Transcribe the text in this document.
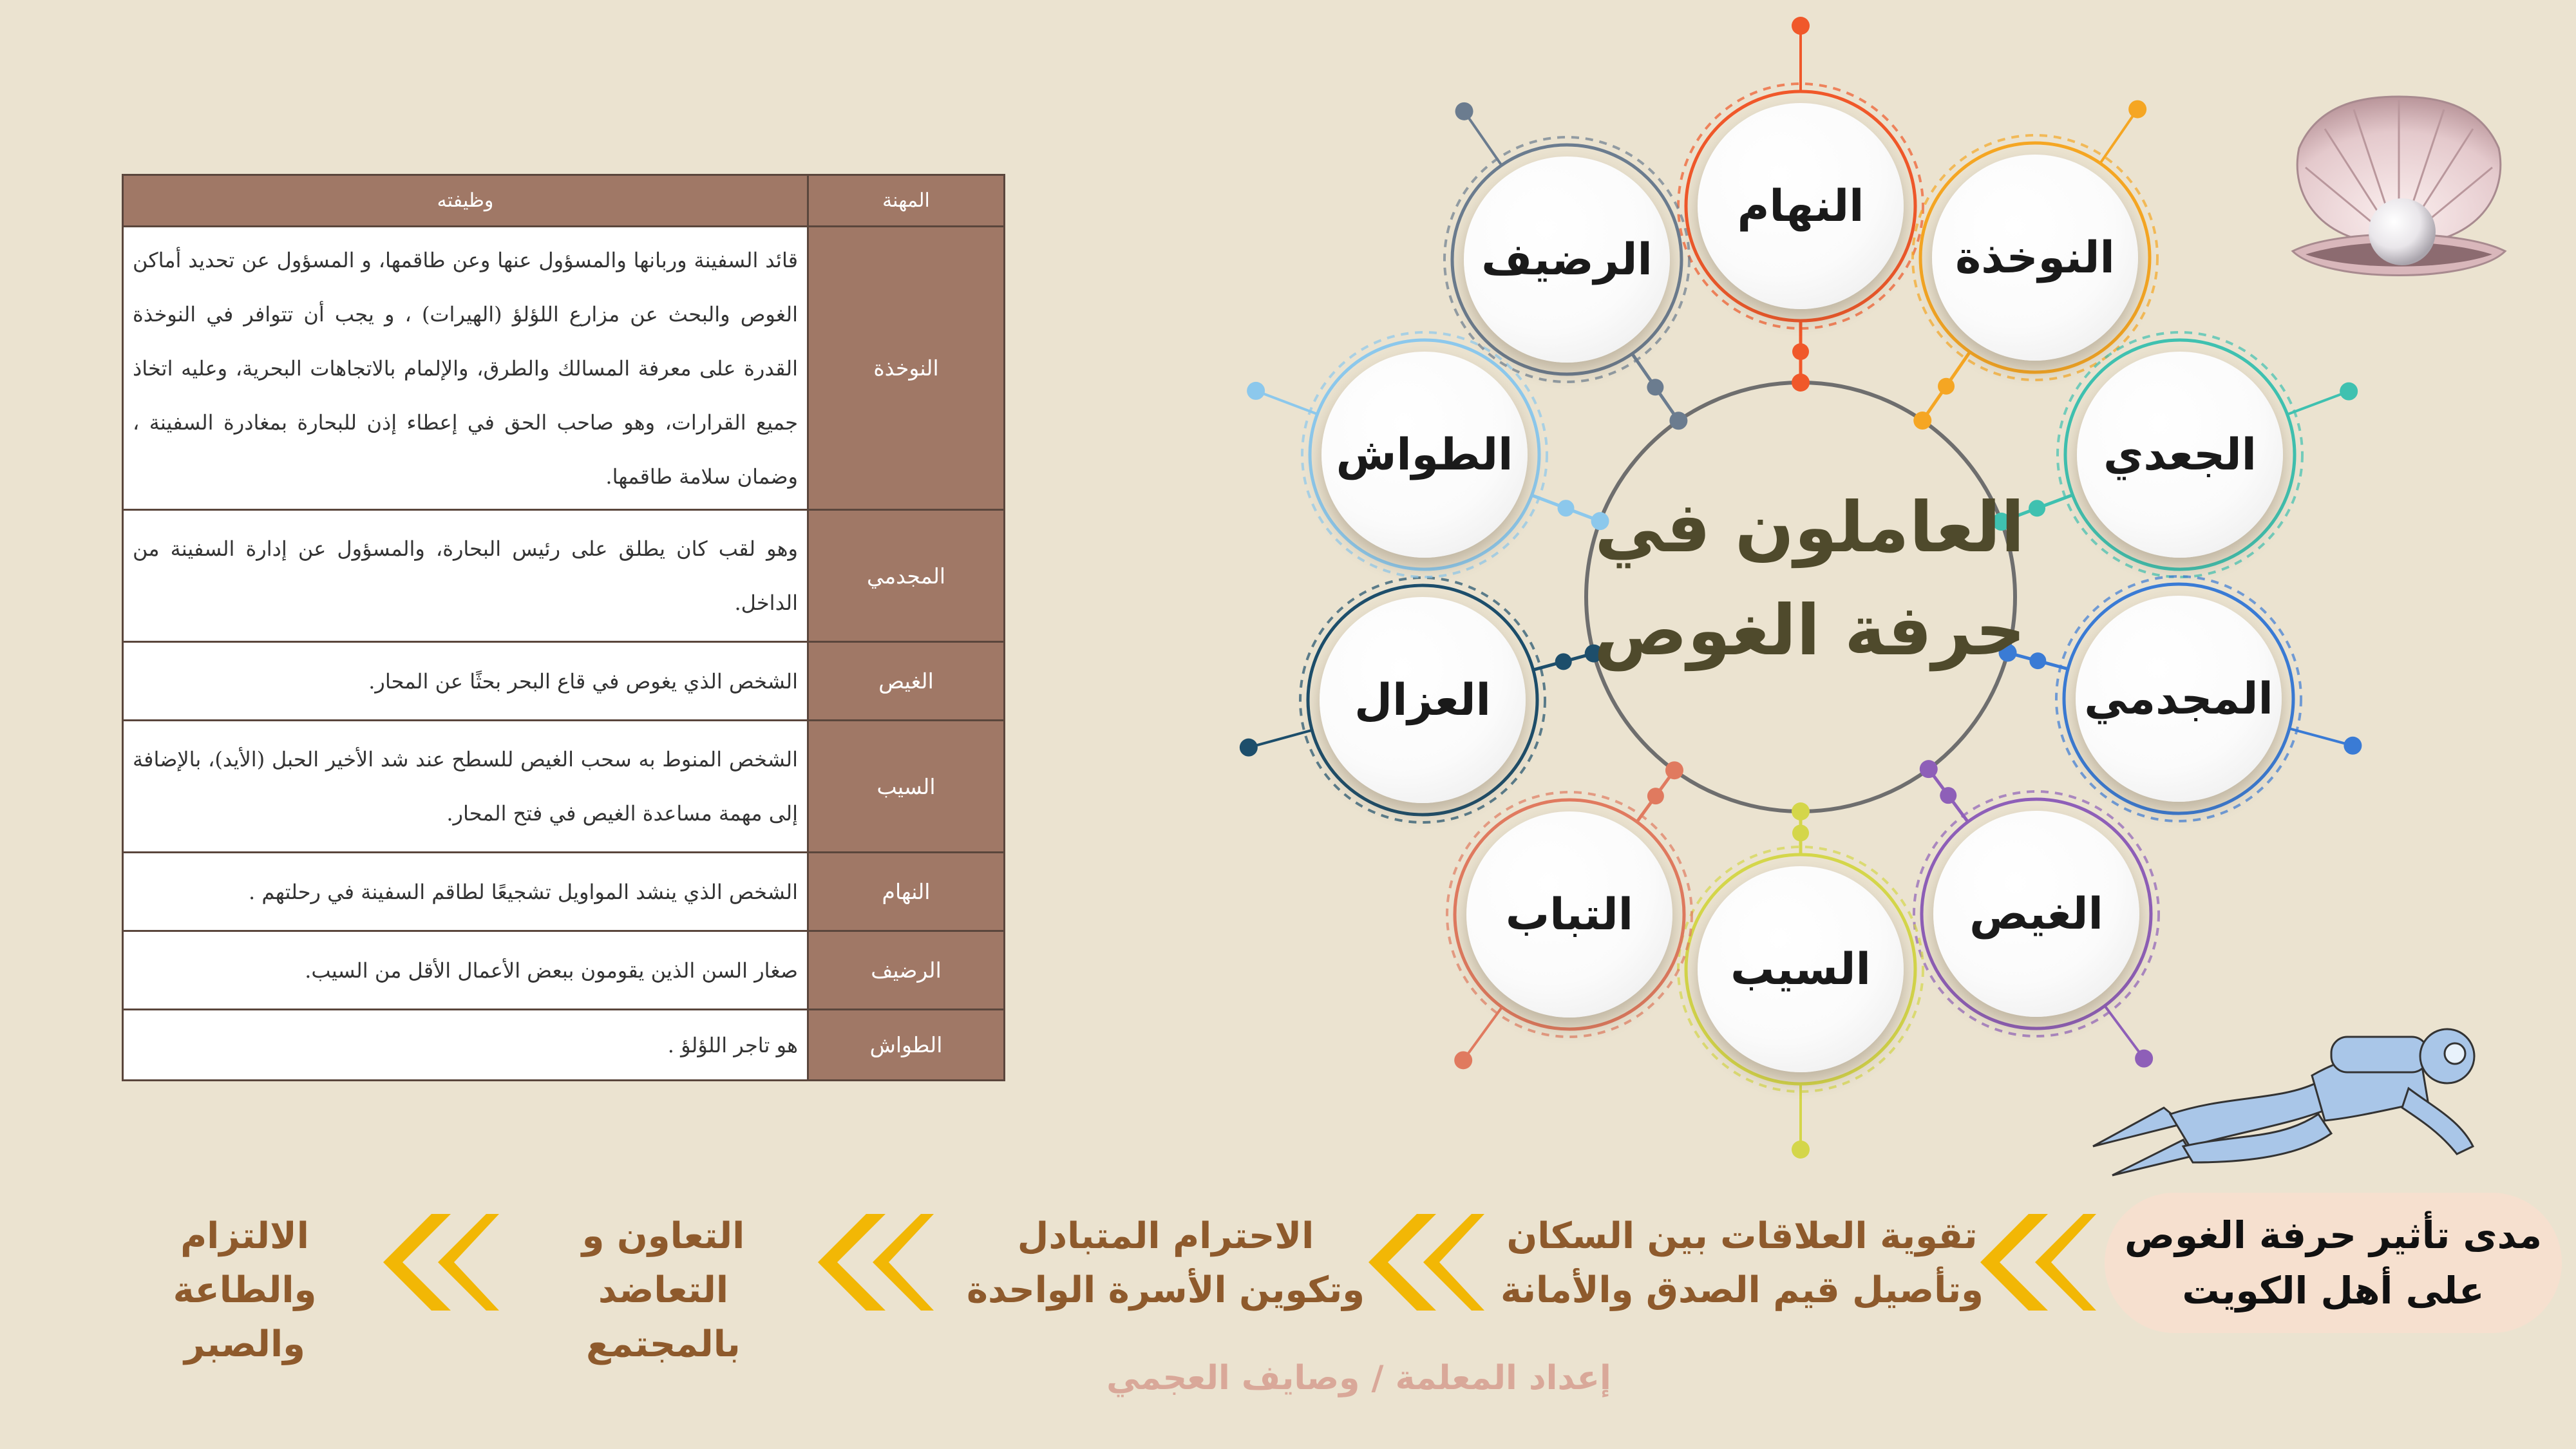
المهنة	وظيفته
النوخذة	قائد السفينة وربانها والمسؤول عنها وعن طاقمها، و المسؤول عن تحديد أماكن الغوص والبحث عن مزارع اللؤلؤ (الهيرات) ، و يجب أن تتوافر في النوخذة القدرة على معرفة المسالك والطرق، والإلمام بالاتجاهات البحرية، وعليه اتخاذ جميع القرارات، وهو صاحب الحق في إعطاء إذن للبحارة بمغادرة السفينة ، وضمان سلامة طاقمها.
المجدمي	وهو لقب كان يطلق على رئيس البحارة، والمسؤول عن إدارة السفينة من الداخل.
الغيص	الشخص الذي يغوص في قاع البحر بحثًا عن المحار.
السيب	الشخص المنوط به سحب الغيص للسطح عند شد الأخير الحبل (الأيد)، بالإضافة إلى مهمة مساعدة الغيص في فتح المحار.
النهام	الشخص الذي ينشد المواويل تشجيعًا لطاقم السفينة في رحلتهم .
الرضيف	صغار السن الذين يقومون ببعض الأعمال الأقل من السيب.
الطواش	هو تاجر اللؤلؤ .
النهام
النوخذة
الجعدي
المجدمي
الغيص
السيب
التباب
العزال
الطواش
الرضيف
العاملون في
حرفة الغوص
مدى تأثير حرفة الغوص على أهل الكويت
تقوية العلاقات بين السكان وتأصيل قيم الصدق والأمانة
الاحترام المتبادل وتكوين الأسرة الواحدة
التعاون و التعاضد بالمجتمع
الالتزام والطاعة والصبر
إعداد المعلمة / وصايف العجمي
